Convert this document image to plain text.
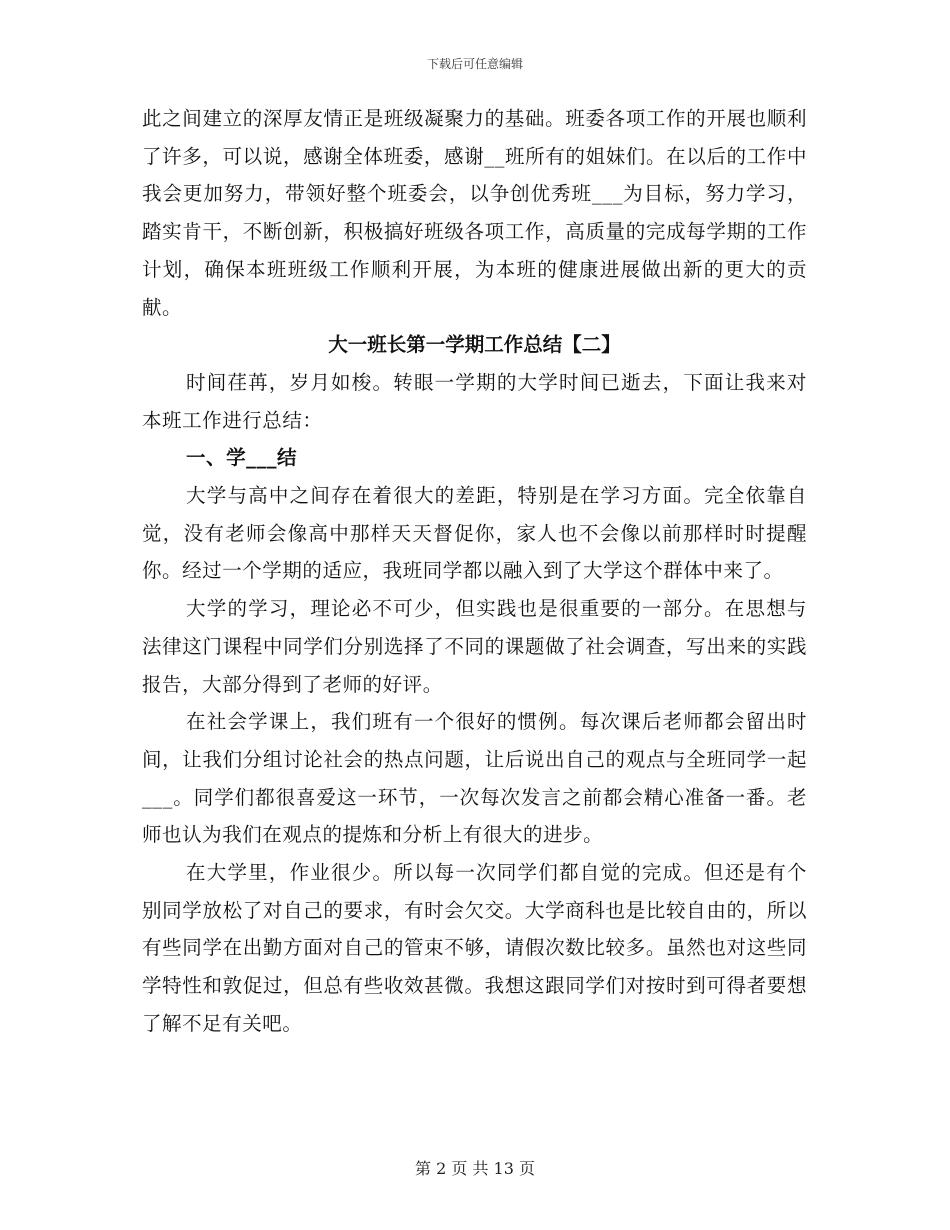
下载后可任意编辑

此之间建立的深厚友情正是班级凝聚力的基础。班委各项工作的开展也顺利了许多，可以说，感谢全体班委，感谢__班所有的姐妹们。在以后的工作中我会更加努力，带领好整个班委会，以争创优秀班___为目标，努力学习，踏实肯干，不断创新，积极搞好班级各项工作，高质量的完成每学期的工作计划，确保本班班级工作顺利开展，为本班的健康进展做出新的更大的贡献。

大一班长第一学期工作总结【二】

时间荏苒，岁月如梭。转眼一学期的大学时间已逝去，下面让我来对本班工作进行总结：

一、学___结

大学与高中之间存在着很大的差距，特别是在学习方面。完全依靠自觉，没有老师会像高中那样天天督促你，家人也不会像以前那样时时提醒你。经过一个学期的适应，我班同学都以融入到了大学这个群体中来了。

大学的学习，理论必不可少，但实践也是很重要的一部分。在思想与法律这门课程中同学们分别选择了不同的课题做了社会调查，写出来的实践报告，大部分得到了老师的好评。

在社会学课上，我们班有一个很好的惯例。每次课后老师都会留出时间，让我们分组讨论社会的热点问题，让后说出自己的观点与全班同学一起___。同学们都很喜爱这一环节，一次每次发言之前都会精心准备一番。老师也认为我们在观点的提炼和分析上有很大的进步。

在大学里，作业很少。所以每一次同学们都自觉的完成。但还是有个别同学放松了对自己的要求，有时会欠交。大学商科也是比较自由的，所以有些同学在出勤方面对自己的管束不够，请假次数比较多。虽然也对这些同学特性和敦促过，但总有些收效甚微。我想这跟同学们对按时到可得者要想了解不足有关吧。

第 2 页 共 13 页
